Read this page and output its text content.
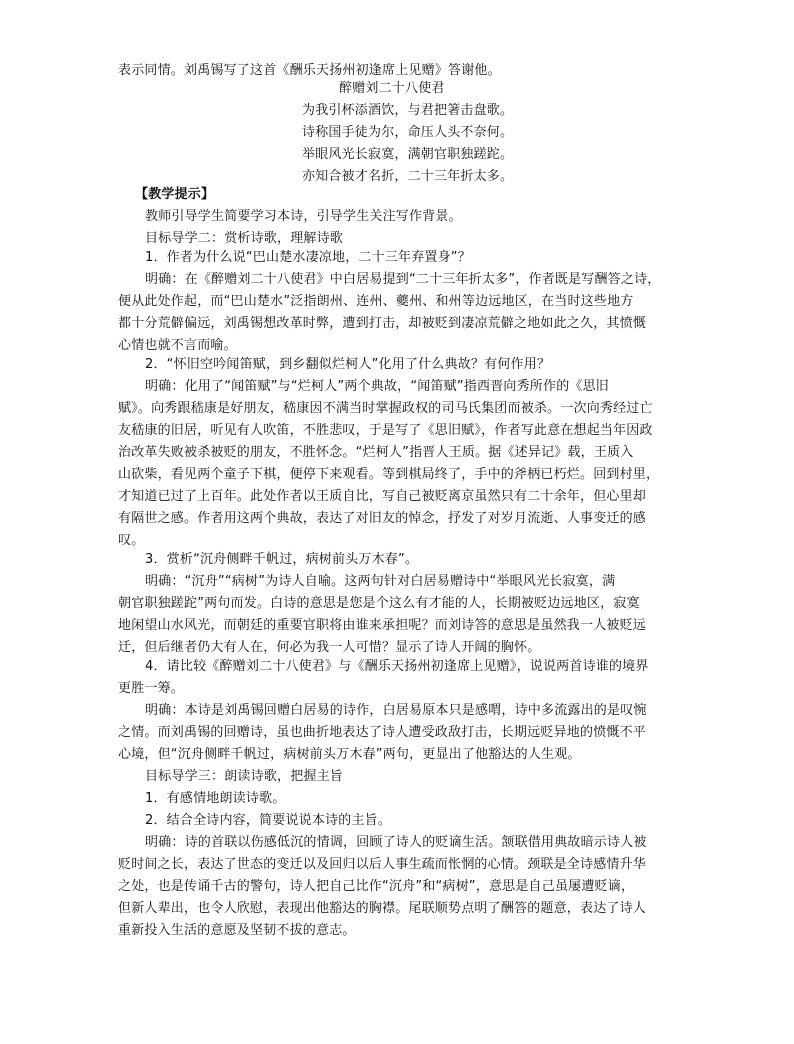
表示同情。刘禹锡写了这首《酬乐天扬州初逢席上见赠》答谢他。
醉赠刘二十八使君
为我引杯添酒饮，与君把箸击盘歌。
诗称国手徒为尔，命压人头不奈何。
举眼风光长寂寞，满朝官职独蹉跎。
亦知合被才名折，二十三年折太多。
【教学提示】
教师引导学生简要学习本诗，引导学生关注写作背景。
目标导学二：赏析诗歌，理解诗歌
1．作者为什么说“巴山楚水凄凉地，二十三年弃置身”？
明确：在《醉赠刘二十八使君》中白居易提到“二十三年折太多”，作者既是写酬答之诗，
便从此处作起，而“巴山楚水”泛指朗州、连州、夔州、和州等边远地区，在当时这些地方
都十分荒僻偏远，刘禹锡想改革时弊，遭到打击，却被贬到凄凉荒僻之地如此之久，其愤慨
心情也就不言而喻。
2．“怀旧空吟闻笛赋，到乡翻似烂柯人”化用了什么典故？有何作用？
明确：化用了“闻笛赋”与“烂柯人”两个典故，“闻笛赋”指西晋向秀所作的《思旧
赋》。向秀跟嵇康是好朋友，嵇康因不满当时掌握政权的司马氏集团而被杀。一次向秀经过亡
友嵇康的旧居，听见有人吹笛，不胜悲叹，于是写了《思旧赋》，作者写此意在想起当年因政
治改革失败被杀被贬的朋友，不胜怀念。“烂柯人”指晋人王质。据《述异记》载，王质入
山砍柴，看见两个童子下棋，便停下来观看。等到棋局终了，手中的斧柄已朽烂。回到村里，
才知道已过了上百年。此处作者以王质自比，写自己被贬离京虽然只有二十余年，但心里却
有隔世之感。作者用这两个典故，表达了对旧友的悼念，抒发了对岁月流逝、人事变迁的感
叹。
3．赏析“沉舟侧畔千帆过，病树前头万木春”。
明确：“沉舟”“病树”为诗人自喻。这两句针对白居易赠诗中“举眼风光长寂寞，满
朝官职独蹉跎”两句而发。白诗的意思是您是个这么有才能的人，长期被贬边远地区，寂寞
地闲望山水风光，而朝廷的重要官职将由谁来承担呢？而刘诗答的意思是虽然我一人被贬远
迁，但后继者仍大有人在，何必为我一人可惜？显示了诗人开阔的胸怀。
4．请比较《醉赠刘二十八使君》与《酬乐天扬州初逢席上见赠》，说说两首诗谁的境界
更胜一筹。
明确：本诗是刘禹锡回赠白居易的诗作，白居易原本只是感喟，诗中多流露出的是叹惋
之情。而刘禹锡的回赠诗，虽也曲折地表达了诗人遭受政敌打击，长期远贬异地的愤慨不平
心境，但“沉舟侧畔千帆过，病树前头万木春”两句，更显出了他豁达的人生观。
目标导学三：朗读诗歌，把握主旨
1．有感情地朗读诗歌。
2．结合全诗内容，简要说说本诗的主旨。
明确：诗的首联以伤感低沉的情调，回顾了诗人的贬谪生活。颔联借用典故暗示诗人被
贬时间之长，表达了世态的变迁以及回归以后人事生疏而怅惘的心情。颈联是全诗感情升华
之处，也是传诵千古的警句，诗人把自己比作“沉舟”和“病树”，意思是自己虽屡遭贬谪，
但新人辈出，也令人欣慰，表现出他豁达的胸襟。尾联顺势点明了酬答的题意，表达了诗人
重新投入生活的意愿及坚韧不拔的意志。
